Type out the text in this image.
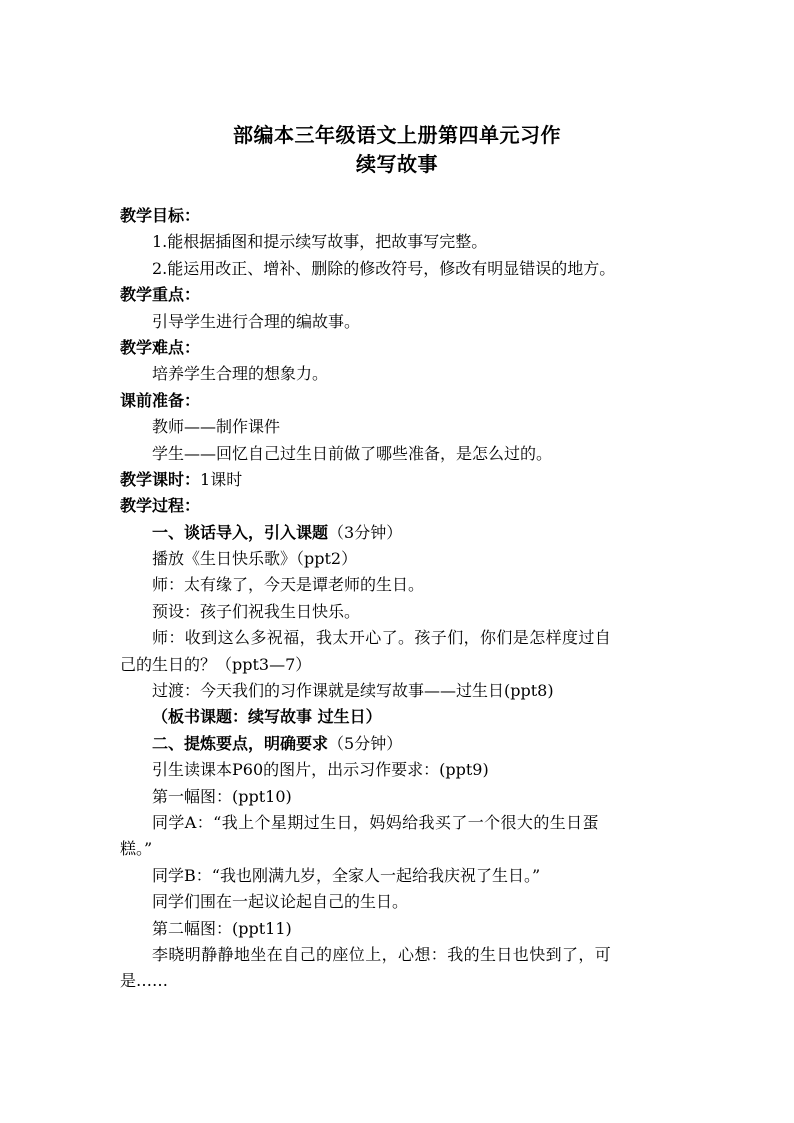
部编本三年级语文上册第四单元习作
续写故事
教学目标：
1.能根据插图和提示续写故事，把故事写完整。
2.能运用改正、增补、删除的修改符号，修改有明显错误的地方。
教学重点：
引导学生进行合理的编故事。
教学难点：
培养学生合理的想象力。
课前准备：
教师——制作课件
学生——回忆自己过生日前做了哪些准备，是怎么过的。
教学课时：1课时
教学过程：
一、谈话导入，引入课题（3分钟）
播放《生日快乐歌》（ppt2）
师：太有缘了，今天是谭老师的生日。
预设：孩子们祝我生日快乐。
师：收到这么多祝福，我太开心了。孩子们，你们是怎样度过自
己的生日的？（ppt3—7）
过渡：今天我们的习作课就是续写故事——过生日(ppt8)
（板书课题：续写故事 过生日）
二、提炼要点，明确要求（5分钟）
引生读课本P60的图片，出示习作要求：(ppt9)
第一幅图：(ppt10)
同学A：“我上个星期过生日，妈妈给我买了一个很大的生日蛋
糕。”
同学B：“我也刚满九岁，全家人一起给我庆祝了生日。”
同学们围在一起议论起自己的生日。
第二幅图：(ppt11)
李晓明静静地坐在自己的座位上，心想：我的生日也快到了，可
是……
